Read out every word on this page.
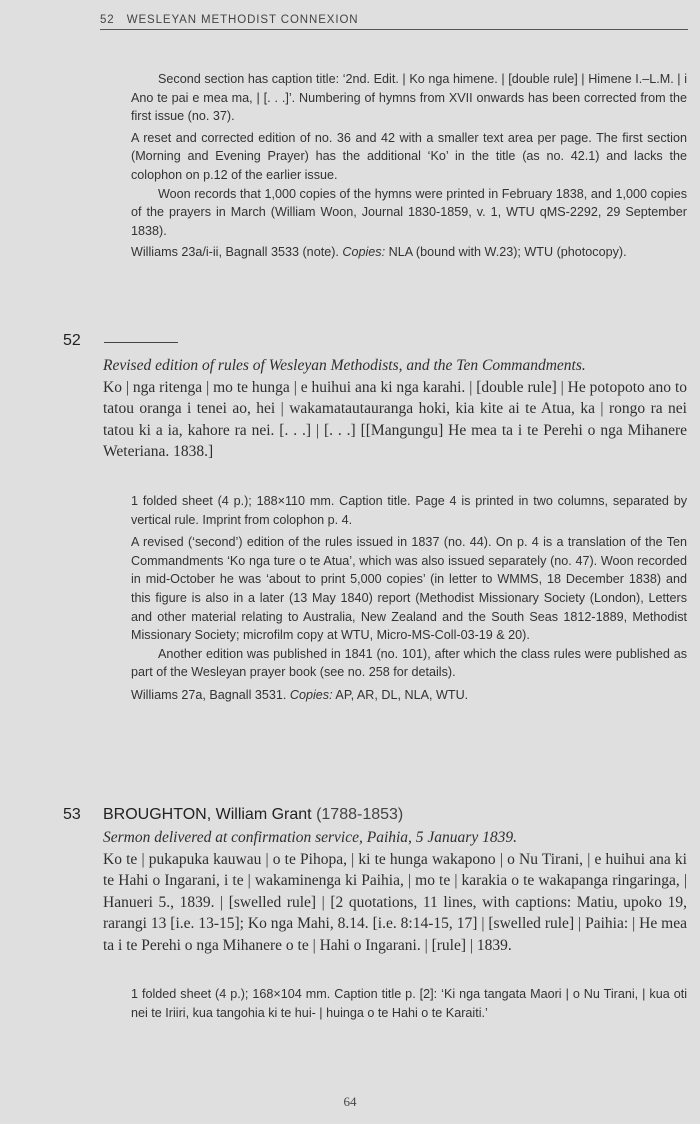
52 WESLEYAN METHODIST CONNEXION

Second section has caption title: ‘2nd. Edit. | Ko nga himene. | [double rule] | Himene I.–L.M. | i Ano te pai e mea ma, | [. . .]’. Numbering of hymns from XVII onwards has been corrected from the first issue (no. 37).

A reset and corrected edition of no. 36 and 42 with a smaller text area per page. The first section (Morning and Evening Prayer) has the additional ‘Ko’ in the title (as no. 42.1) and lacks the colophon on p.12 of the earlier issue.

Woon records that 1,000 copies of the hymns were printed in February 1838, and 1,000 copies of the prayers in March (William Woon, Journal 1830-1859, v. 1, WTU qMS-2292, 29 September 1838).

Williams 23a/i-ii, Bagnall 3533 (note). Copies: NLA (bound with W.23); WTU (photocopy).

52

Revised edition of rules of Wesleyan Methodists, and the Ten Commandments.

Ko | nga ritenga | mo te hunga | e huihui ana ki nga karahi. | [double rule] | He potopoto ano to tatou oranga i tenei ao, hei | wakamatautauranga hoki, kia kite ai te Atua, ka | rongo ra nei tatou ki a ia, kahore ra nei. [. . .] | [. . .] [[Mangungu] He mea ta i te Perehi o nga Mihanere Weteriana. 1838.]

1 folded sheet (4 p.); 188×110 mm. Caption title. Page 4 is printed in two columns, separated by vertical rule. Imprint from colophon p. 4.

A revised (‘second’) edition of the rules issued in 1837 (no. 44). On p. 4 is a translation of the Ten Commandments ‘Ko nga ture o te Atua’, which was also issued separately (no. 47). Woon recorded in mid-October he was ‘about to print 5,000 copies’ (in letter to WMMS, 18 December 1838) and this figure is also in a later (13 May 1840) report (Methodist Missionary Society (London), Letters and other material relating to Australia, New Zealand and the South Seas 1812-1889, Methodist Missionary Society; microfilm copy at WTU, Micro-MS-Coll-03-19 & 20).

Another edition was published in 1841 (no. 101), after which the class rules were published as part of the Wesleyan prayer book (see no. 258 for details).

Williams 27a, Bagnall 3531. Copies: AP, AR, DL, NLA, WTU.

53 BROUGHTON, William Grant (1788-1853)

Sermon delivered at confirmation service, Paihia, 5 January 1839.

Ko te | pukapuka kauwau | o te Pihopa, | ki te hunga wakapono | o Nu Tirani, | e huihui ana ki te Hahi o Ingarani, i te | wakaminenga ki Paihia, | mo te | karakia o te wakapanga ringaringa, | Hanueri 5., 1839. | [swelled rule] | [2 quotations, 11 lines, with captions: Matiu, upoko 19, rarangi 13 [i.e. 13-15]; Ko nga Mahi, 8.14. [i.e. 8:14-15, 17] | [swelled rule] | Paihia: | He mea ta i te Perehi o nga Mihanere o te | Hahi o Ingarani. | [rule] | 1839.

1 folded sheet (4 p.); 168×104 mm. Caption title p. [2]: ‘Ki nga tangata Maori | o Nu Tirani, | kua oti nei te Iriiri, kua tangohia ki te hui- | huinga o te Hahi o te Karaiti.’

64
